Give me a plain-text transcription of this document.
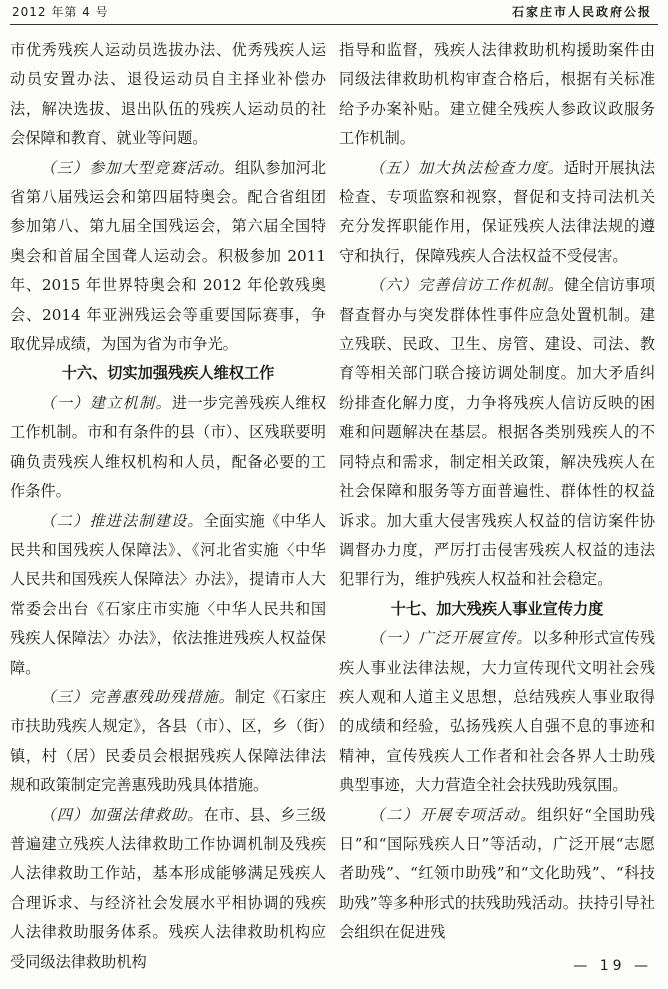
2012 年第 4 号	石家庄市人民政府公报

市优秀残疾人运动员选拔办法、优秀残疾人运动员安置办法、退役运动员自主择业补偿办法，解决选拔、退出队伍的残疾人运动员的社会保障和教育、就业等问题。

（三）参加大型竞赛活动。组队参加河北省第八届残运会和第四届特奥会。配合省组团参加第八、第九届全国残运会，第六届全国特奥会和首届全国聋人运动会。积极参加 2011 年、2015 年世界特奥会和 2012 年伦敦残奥会、2014 年亚洲残运会等重要国际赛事，争取优异成绩，为国为省为市争光。

十六、切实加强残疾人维权工作

（一）建立机制。进一步完善残疾人维权工作机制。市和有条件的县（市）、区残联要明确负责残疾人维权机构和人员，配备必要的工作条件。

（二）推进法制建设。全面实施《中华人民共和国残疾人保障法》、《河北省实施〈中华人民共和国残疾人保障法〉办法》，提请市人大常委会出台《石家庄市实施〈中华人民共和国残疾人保障法〉办法》，依法推进残疾人权益保障。

（三）完善惠残助残措施。制定《石家庄市扶助残疾人规定》，各县（市）、区，乡（街）镇，村（居）民委员会根据残疾人保障法律法规和政策制定完善惠残助残具体措施。

（四）加强法律救助。在市、县、乡三级普遍建立残疾人法律救助工作协调机制及残疾人法律救助工作站，基本形成能够满足残疾人合理诉求、与经济社会发展水平相协调的残疾人法律救助服务体系。残疾人法律救助机构应受同级法律救助机构

指导和监督，残疾人法律救助机构援助案件由同级法律救助机构审查合格后，根据有关标准给予办案补贴。建立健全残疾人参政议政服务工作机制。

（五）加大执法检查力度。适时开展执法检查、专项监察和视察，督促和支持司法机关充分发挥职能作用，保证残疾人法律法规的遵守和执行，保障残疾人合法权益不受侵害。

（六）完善信访工作机制。健全信访事项督查督办与突发群体性事件应急处置机制。建立残联、民政、卫生、房管、建设、司法、教育等相关部门联合接访调处制度。加大矛盾纠纷排查化解力度，力争将残疾人信访反映的困难和问题解决在基层。根据各类别残疾人的不同特点和需求，制定相关政策，解决残疾人在社会保障和服务等方面普遍性、群体性的权益诉求。加大重大侵害残疾人权益的信访案件协调督办力度，严厉打击侵害残疾人权益的违法犯罪行为，维护残疾人权益和社会稳定。

十七、加大残疾人事业宣传力度

（一）广泛开展宣传。以多种形式宣传残疾人事业法律法规，大力宣传现代文明社会残疾人观和人道主义思想，总结残疾人事业取得的成绩和经验，弘扬残疾人自强不息的事迹和精神，宣传残疾人工作者和社会各界人士助残典型事迹，大力营造全社会扶残助残氛围。

（二）开展专项活动。组织好“全国助残日”和“国际残疾人日”等活动，广泛开展“志愿者助残”、“红领巾助残”和“文化助残”、“科技助残”等多种形式的扶残助残活动。扶持引导社会组织在促进残

— 19 —
